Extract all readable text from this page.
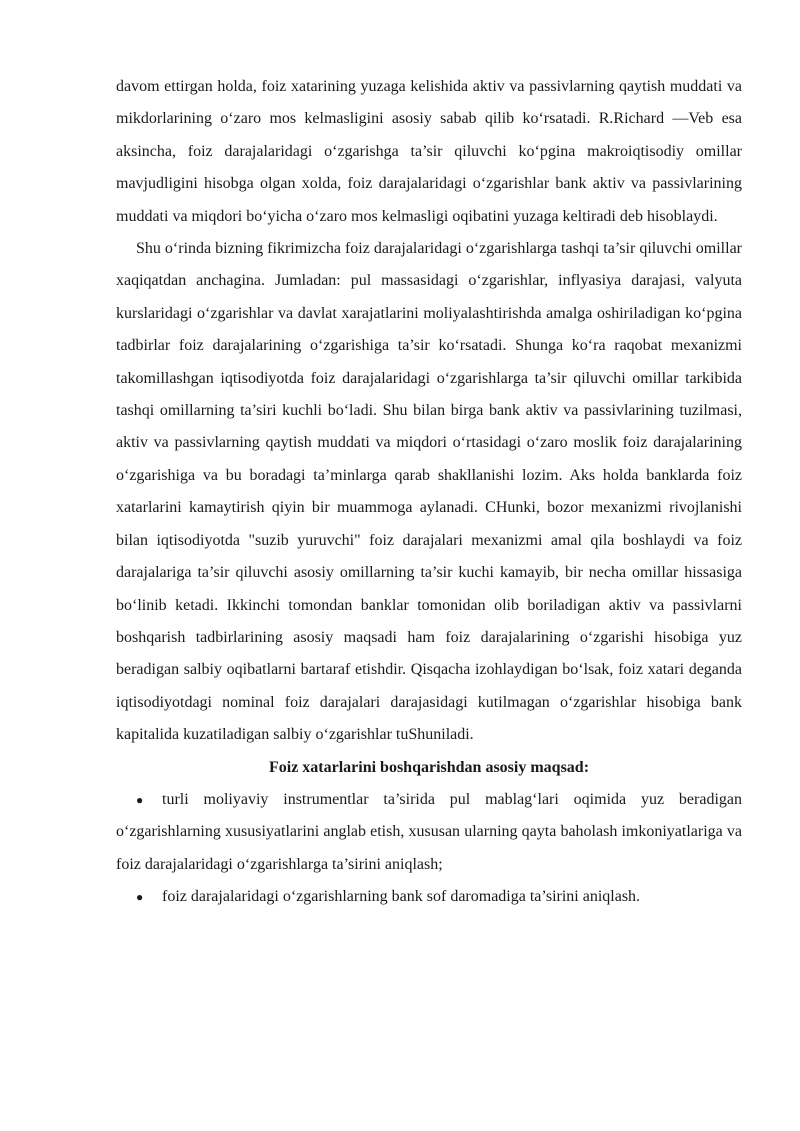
davom ettirgan holda, foiz xatarining yuzaga kelishida aktiv va passivlarning qaytish muddati va mikdorlarining o‘zaro mos kelmasligini asosiy sabab qilib ko‘rsatadi. R.Richard —Veb esa aksincha, foiz darajalaridagi o‘zgarishga ta’sir qiluvchi ko‘pgina makroiqtisodiy omillar mavjudligini hisobga olgan xolda, foiz darajalaridagi o‘zgarishlar bank aktiv va passivlarining muddati va miqdori bo‘yicha o‘zaro mos kelmasligi oqibatini yuzaga keltiradi deb hisoblaydi.

Shu o‘rinda bizning fikrimizcha foiz darajalaridagi o‘zgarishlarga tashqi ta’sir qiluvchi omillar xaqiqatdan anchagina. Jumladan: pul massasidagi o‘zgarishlar, inflyasiya darajasi, valyuta kurslaridagi o‘zgarishlar va davlat xarajatlarini moliyalashtirishda amalga oshiriladigan ko‘pgina tadbirlar foiz darajalarining o‘zgarishiga ta’sir ko‘rsatadi. Shunga ko‘ra raqobat mexanizmi takomillashgan iqtisodiyotda foiz darajalaridagi o‘zgarishlarga ta’sir qiluvchi omillar tarkibida tashqi omillarning ta’siri kuchli bo‘ladi. Shu bilan birga bank aktiv va passivlarining tuzilmasi, aktiv va passivlarning qaytish muddati va miqdori o‘rtasidagi o‘zaro moslik foiz darajalarining o‘zgarishiga va bu boradagi ta’minlarga qarab shakllanishi lozim. Aks holda banklarda foiz xatarlarini kamaytirish qiyin bir muammoga aylanadi. CHunki, bozor mexanizmi rivojlanishi bilan iqtisodiyotda "suzib yuruvchi" foiz darajalari mexanizmi amal qila boshlaydi va foiz darajalariga ta’sir qiluvchi asosiy omillarning ta’sir kuchi kamayib, bir necha omillar hissasiga bo‘linib ketadi. Ikkinchi tomondan banklar tomonidan olib boriladigan aktiv va passivlarni boshqarish tadbirlarining asosiy maqsadi ham foiz darajalarining o‘zgarishi hisobiga yuz beradigan salbiy oqibatlarni bartaraf etishdir. Qisqacha izohlaydigan bo‘lsak, foiz xatari deganda iqtisodiyotdagi nominal foiz darajalari darajasidagi kutilmagan o‘zgarishlar hisobiga bank kapitalida kuzatiladigan salbiy o‘zgarishlar tuShuniladi.

Foiz xatarlarini boshqarishdan asosiy maqsad:
● turli moliyaviy instrumentlar ta’sirida pul mablag‘lari oqimida yuz beradigan o‘zgarishlarning xususiyatlarini anglab etish, xususan ularning qayta baholash imkoniyatlariga va foiz darajalaridagi o‘zgarishlarga ta’sirini aniqlash;
● foiz darajalaridagi o‘zgarishlarning bank sof daromadiga ta’sirini aniqlash.
